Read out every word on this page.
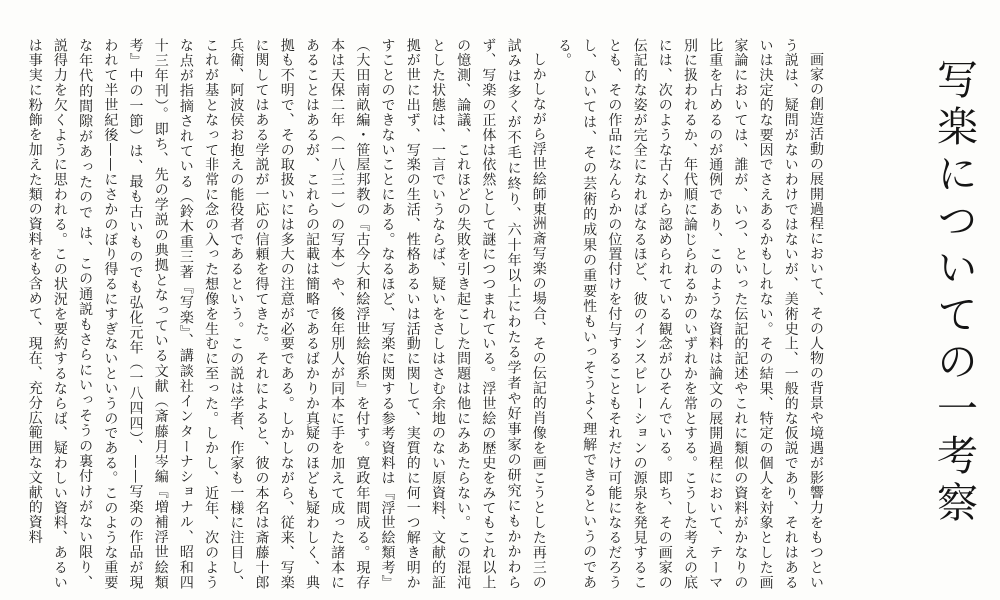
写楽についての一考察

画家の創造活動の展開過程において、その人物の背景や境遇が影響力をもつという説は、疑問がないわけではないが、美術史上、一般的な仮説であり、それはあるいは決定的な要因でさえあるかもしれない。その結果、特定の個人を対象とした画家論においては、誰が、いつ、といった伝記的記述やこれに類似の資料がかなりの比重を占めるのが通例であり、このような資料は論文の展開過程において、テーマ別に扱われるか、年代順に論じられるかのいずれかを常とする。こうした考えの底には、次のような古くから認められている観念がひそんでいる。即ち、その画家の伝記的な姿が完全になればなるほど、彼のインスピレーションの源泉を発見することも、その作品になんらかの位置付けを付与することもそれだけ可能になるだろうし、ひいては、その芸術的成果の重要性もいっそうよく理解できるというのである。

しかしながら浮世絵師東洲斎写楽の場合、その伝記的肖像を画こうとした再三の試みは多くが不毛に終り、六十年以上にわたる学者や好事家の研究にもかかわらず、写楽の正体は依然として謎につつまれている。浮世絵の歴史をみてもこれ以上の憶測、論議、これほどの失敗を引き起こした問題は他にみあたらない。この混沌とした状態は、一言でいうならば、疑いをさしはさむ余地のない原資料、文献的証拠が世に出ず、写楽の生活、性格あるいは活動に関して、実質的に何一つ解き明かすことのできないことにある。なるほど、写楽に関する参考資料は『浮世絵類考』（大田南畝編・笹屋邦教の『古今大和絵浮世絵始系』を付す。寛政年間成る。現存本は天保二年（一八三一）の写本）や、後年別人が同本に手を加えて成った諸本にあることはあるが、これらの記載は簡略であるばかりか真疑のほども疑わしく、典拠も不明で、その取扱いには多大の注意が必要である。しかしながら、従来、写楽に関してはある学説が一応の信頼を得てきた。それによると、彼の本名は斎藤十郎兵衛、阿波侯お抱えの能役者であるという。この説は学者、作家も一様に注目し、これが基となって非常に念の入った想像を生むに至った。しかし、近年、次のような点が指摘されている（鈴木重三著『写楽』、講談社インターナショナル、昭和四十三年刊）。即ち、先の学説の典拠となっている文献（斎藤月岑編『増補浮世絵類考』中の一節）は、最も古いものでも弘化元年（一八四四）、——写楽の作品が現われて半世紀後——にさかのぼり得るにすぎないというのである。このような重要な年代的間隙があったので は、この通説もさらにいっそうの裏付けがない限り、説得力を欠くように思われる。この状況を要約するならば、疑わしい資料、あるいは事実に粉飾を加えた類の資料をも含めて、現在、充分広範囲な文献的資料
